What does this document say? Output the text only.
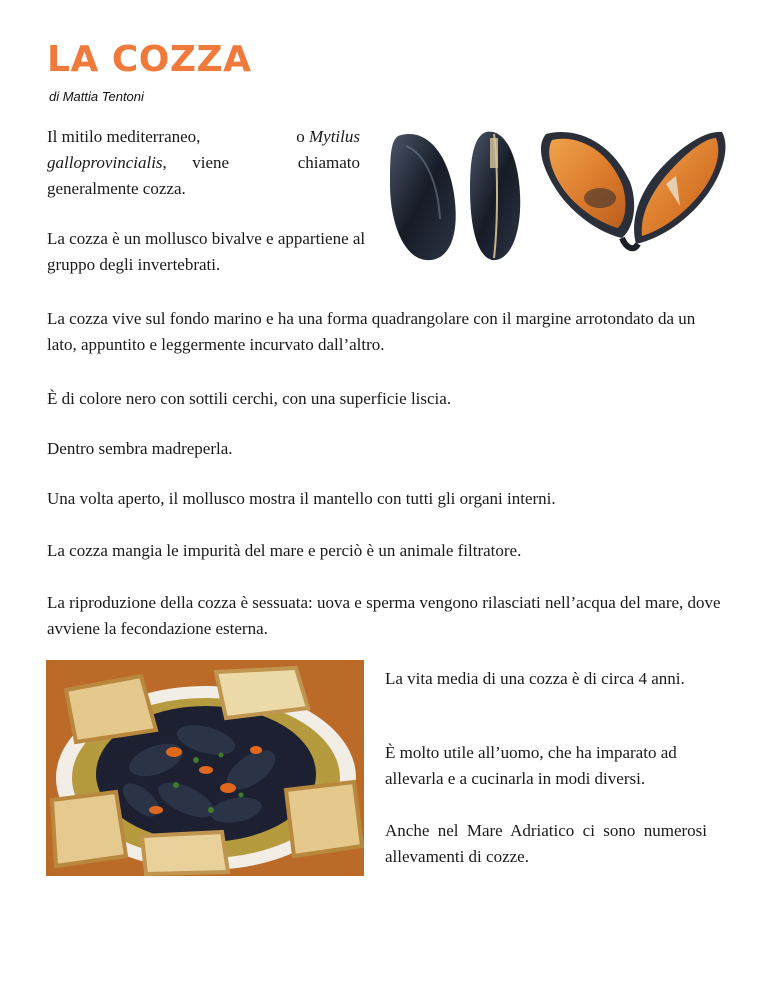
LA COZZA
di Mattia Tentoni

Il mitilo mediterraneo,
galloprovincialis,      viene

o Mytilus
chiamato

generalmente cozza.

La cozza è un mollusco bivalve e appartiene al gruppo degli invertebrati.

La cozza vive sul fondo marino e ha una forma quadrangolare con il margine arrotondato da un lato, appuntito e leggermente incurvato dall’altro.

È di colore nero con sottili cerchi, con una superficie liscia.

Dentro sembra madreperla.

Una volta aperto, il mollusco mostra il mantello con tutti gli organi interni.

La cozza mangia le impurità del mare e perciò è un animale filtratore.

La riproduzione della cozza è sessuata: uova e sperma vengono rilasciati nell’acqua del mare, dove avviene la fecondazione esterna.

La vita media di una cozza è di circa 4 anni.

È molto utile all’uomo, che ha imparato ad allevarla e a cucinarla in modi diversi.

Anche nel Mare Adriatico ci sono numerosi allevamenti di cozze.
